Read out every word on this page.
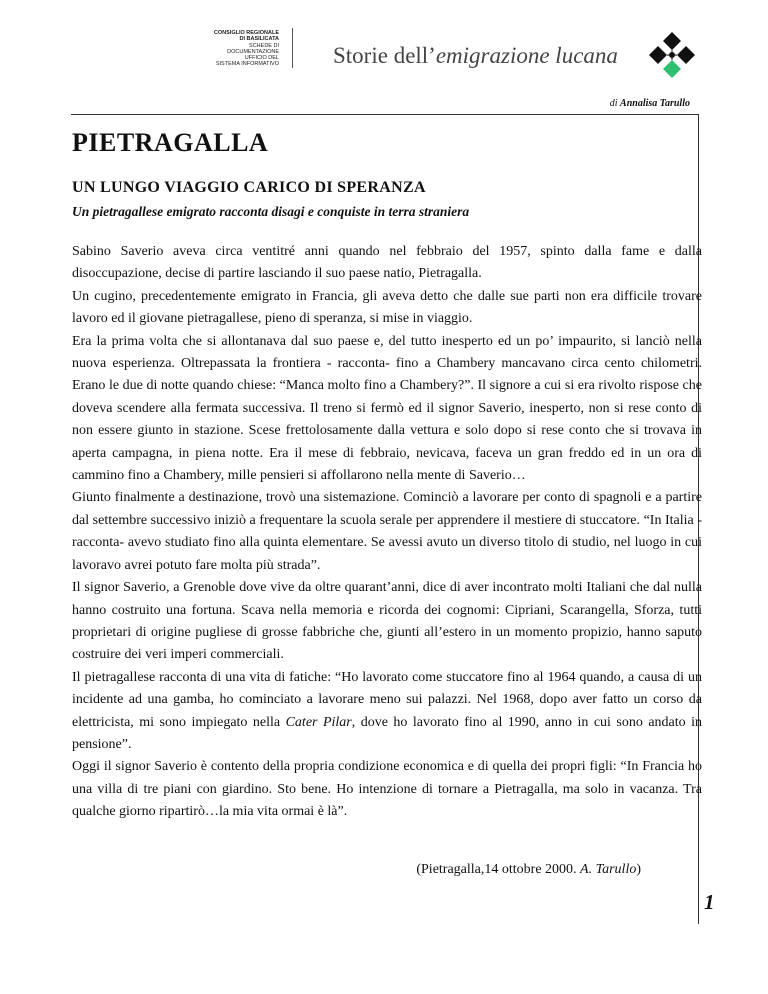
CONSIGLIO REGIONALE
DI BASILICATA
SCHEDE DI
DOCUMENTAZIONE
UFFICIO DEL
SISTEMA INFORMATIVO Storie dell’emigrazione lucana
di Annalisa Tarullo
PIETRAGALLA
UN LUNGO VIAGGIO CARICO DI SPERANZA
Un pietragallese emigrato racconta disagi e conquiste in terra straniera

Sabino Saverio aveva circa ventitré anni quando nel febbraio del 1957, spinto dalla fame e dalla disoccupazione, decise di partire lasciando il suo paese natio, Pietragalla.

Un cugino, precedentemente emigrato in Francia, gli aveva detto che dalle sue parti non era difficile trovare lavoro ed il giovane pietragallese, pieno di speranza, si mise in viaggio.

Era la prima volta che si allontanava dal suo paese e, del tutto inesperto ed un po’ impaurito, si lanciò nella nuova esperienza. Oltrepassata la frontiera - racconta- fino a Chambery mancavano circa cento chilometri. Erano le due di notte quando chiese: “Manca molto fino a Chambery?”. Il signore a cui si era rivolto rispose che doveva scendere alla fermata successiva. Il treno si fermò ed il signor Saverio, inesperto, non si rese conto di non essere giunto in stazione. Scese frettolosamente dalla vettura e solo dopo si rese conto che si trovava in aperta campagna, in piena notte. Era il mese di febbraio, nevicava, faceva un gran freddo ed in un ora di cammino fino a Chambery, mille pensieri si affollarono nella mente di Saverio…

Giunto finalmente a destinazione, trovò una sistemazione. Cominciò a lavorare per conto di spagnoli e a partire dal settembre successivo iniziò a frequentare la scuola serale per apprendere il mestiere di stuccatore. “In Italia - racconta- avevo studiato fino alla quinta elementare. Se avessi avuto un diverso titolo di studio, nel luogo in cui lavoravo avrei potuto fare molta più strada”.

Il signor Saverio, a Grenoble dove vive da oltre quarant’anni, dice di aver incontrato molti Italiani che dal nulla hanno costruito una fortuna. Scava nella memoria e ricorda dei cognomi: Cipriani, Scarangella, Sforza, tutti proprietari di origine pugliese di grosse fabbriche che, giunti all’estero in un momento propizio, hanno saputo costruire dei veri imperi commerciali.

Il pietragallese racconta di una vita di fatiche: “Ho lavorato come stuccatore fino al 1964 quando, a causa di un incidente ad una gamba, ho cominciato a lavorare meno sui palazzi. Nel 1968, dopo aver fatto un corso da elettricista, mi sono impiegato nella Cater Pilar, dove ho lavorato fino al 1990, anno in cui sono andato in pensione”.

Oggi il signor Saverio è contento della propria condizione economica e di quella dei propri figli: “In Francia ho una villa di tre piani con giardino. Sto bene. Ho intenzione di tornare a Pietragalla, ma solo in vacanza. Tra qualche giorno ripartirò…la mia vita ormai è là”.

(Pietragalla,14 ottobre 2000. A. Tarullo)
1
